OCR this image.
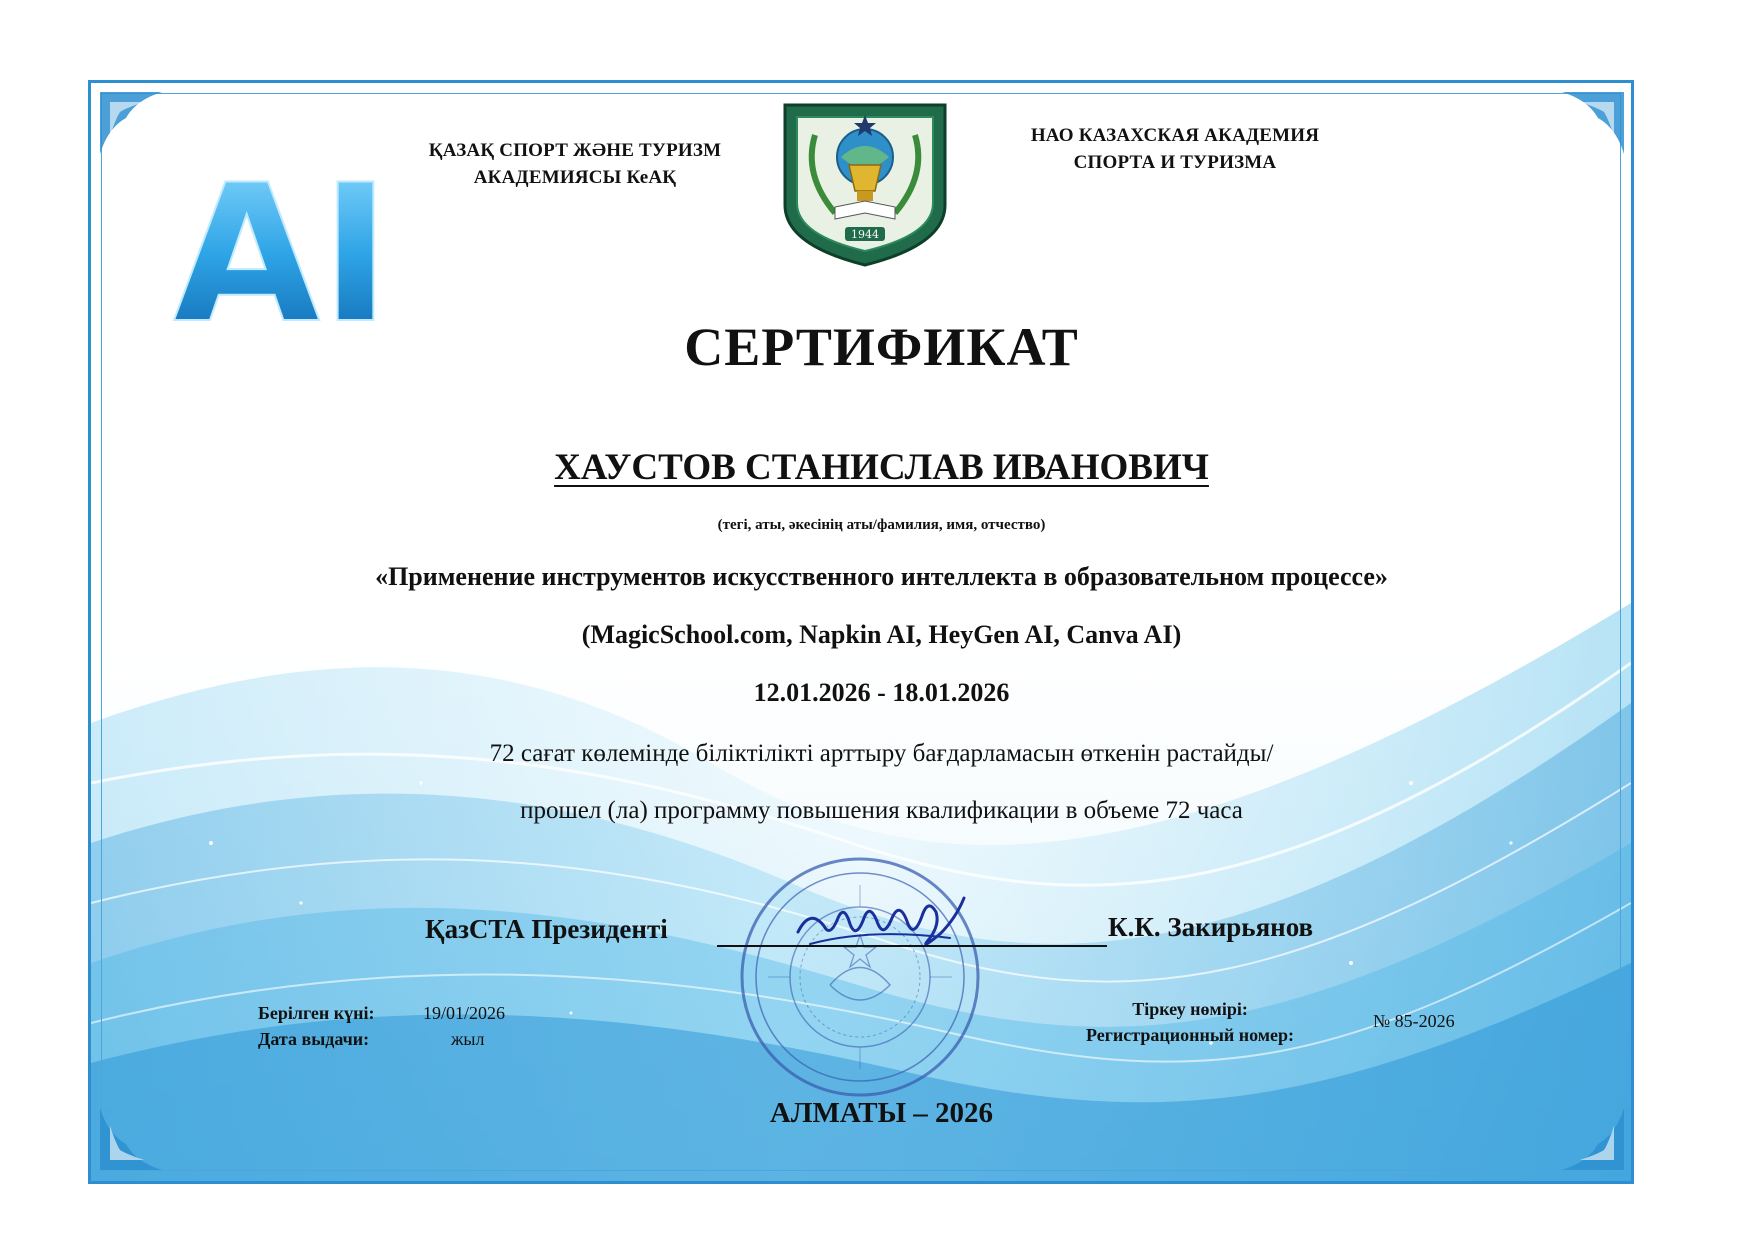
AI	1944
ҚАЗАҚ СПОРТ ЖӘНЕ ТУРИЗМ
АКАДЕМИЯСЫ КеАҚ
НАО КАЗАХСКАЯ АКАДЕМИЯ
СПОРТА И ТУРИЗМА
СЕРТИФИКАТ
ХАУСТОВ СТАНИСЛАВ ИВАНОВИЧ
(тегі, аты, әкесінің аты/фамилия, имя, отчество)
«Применение инструментов искусственного интеллекта в образовательном процессе»
(MagicSchool.com, Napkin AI, HeyGen AI, Canva AI)
12.01.2026 - 18.01.2026
72 сағат көлемінде біліктілікті арттыру бағдарламасын өткенін растайды/
прошел (ла) программу повышения квалификации в объеме 72 часа
ҚазСТА Президенті	К.К. Закирьянов
Берілген күні:
Дата выдачи:
19/01/2026
жыл
Тіркеу нөмірі:
Регистрационный номер:
№ 85-2026
АЛМАТЫ – 2026
